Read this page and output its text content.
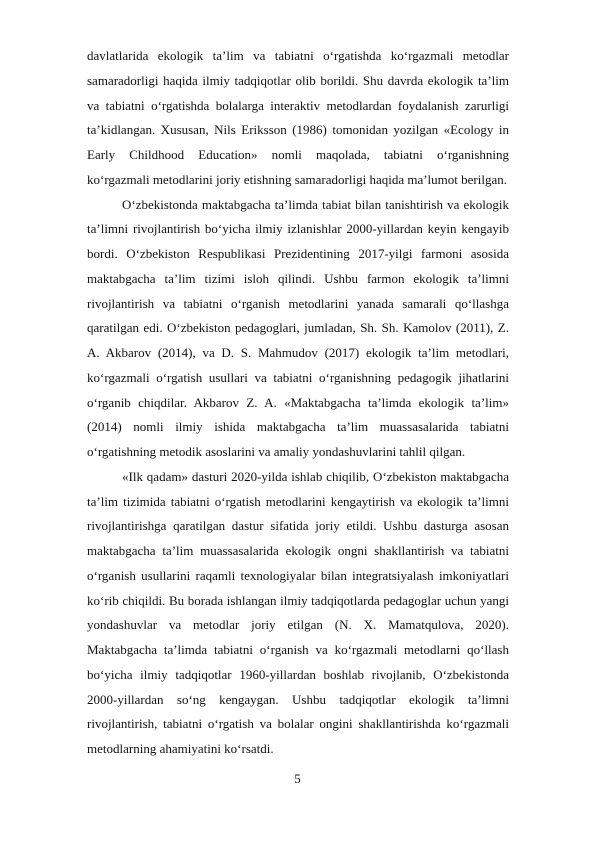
davlatlarida ekologik ta’lim va tabiatni o‘rgatishda ko‘rgazmali metodlar samaradorligi haqida ilmiy tadqiqotlar olib borildi. Shu davrda ekologik ta’lim va tabiatni o‘rgatishda bolalarga interaktiv metodlardan foydalanish zarurligi ta’kidlangan. Xususan, Nils Eriksson (1986) tomonidan yozilgan «Ecology in Early Childhood Education» nomli maqolada, tabiatni o‘rganishning ko‘rgazmali metodlarini joriy etishning samaradorligi haqida ma’lumot berilgan.

O‘zbekistonda maktabgacha ta’limda tabiat bilan tanishtirish va ekologik ta’limni rivojlantirish bo‘yicha ilmiy izlanishlar 2000-yillardan keyin kengayib bordi. O‘zbekiston Respublikasi Prezidentining 2017-yilgi farmoni asosida maktabgacha ta’lim tizimi isloh qilindi. Ushbu farmon ekologik ta’limni rivojlantirish va tabiatni o‘rganish metodlarini yanada samarali qo‘llashga qaratilgan edi. O‘zbekiston pedagoglari, jumladan, Sh. Sh. Kamolov (2011), Z. A. Akbarov (2014), va D. S. Mahmudov (2017) ekologik ta’lim metodlari, ko‘rgazmali o‘rgatish usullari va tabiatni o‘rganishning pedagogik jihatlarini o‘rganib chiqdilar. Akbarov Z. A. «Maktabgacha ta’limda ekologik ta’lim» (2014) nomli ilmiy ishida maktabgacha ta’lim muassasalarida tabiatni o‘rgatishning metodik asoslarini va amaliy yondashuvlarini tahlil qilgan.

«Ilk qadam» dasturi 2020-yilda ishlab chiqilib, O‘zbekiston maktabgacha ta’lim tizimida tabiatni o‘rgatish metodlarini kengaytirish va ekologik ta’limni rivojlantirishga qaratilgan dastur sifatida joriy etildi. Ushbu dasturga asosan maktabgacha ta’lim muassasalarida ekologik ongni shakllantirish va tabiatni o‘rganish usullarini raqamli texnologiyalar bilan integratsiyalash imkoniyatlari ko‘rib chiqildi. Bu borada ishlangan ilmiy tadqiqotlarda pedagoglar uchun yangi yondashuvlar va metodlar joriy etilgan (N. X. Mamatqulova, 2020). Maktabgacha ta’limda tabiatni o‘rganish va ko‘rgazmali metodlarni qo‘llash bo‘yicha ilmiy tadqiqotlar 1960-yillardan boshlab rivojlanib, O‘zbekistonda 2000-yillardan so‘ng kengaygan. Ushbu tadqiqotlar ekologik ta’limni rivojlantirish, tabiatni o‘rgatish va bolalar ongini shakllantirishda ko‘rgazmali metodlarning ahamiyatini ko‘rsatdi.

5
